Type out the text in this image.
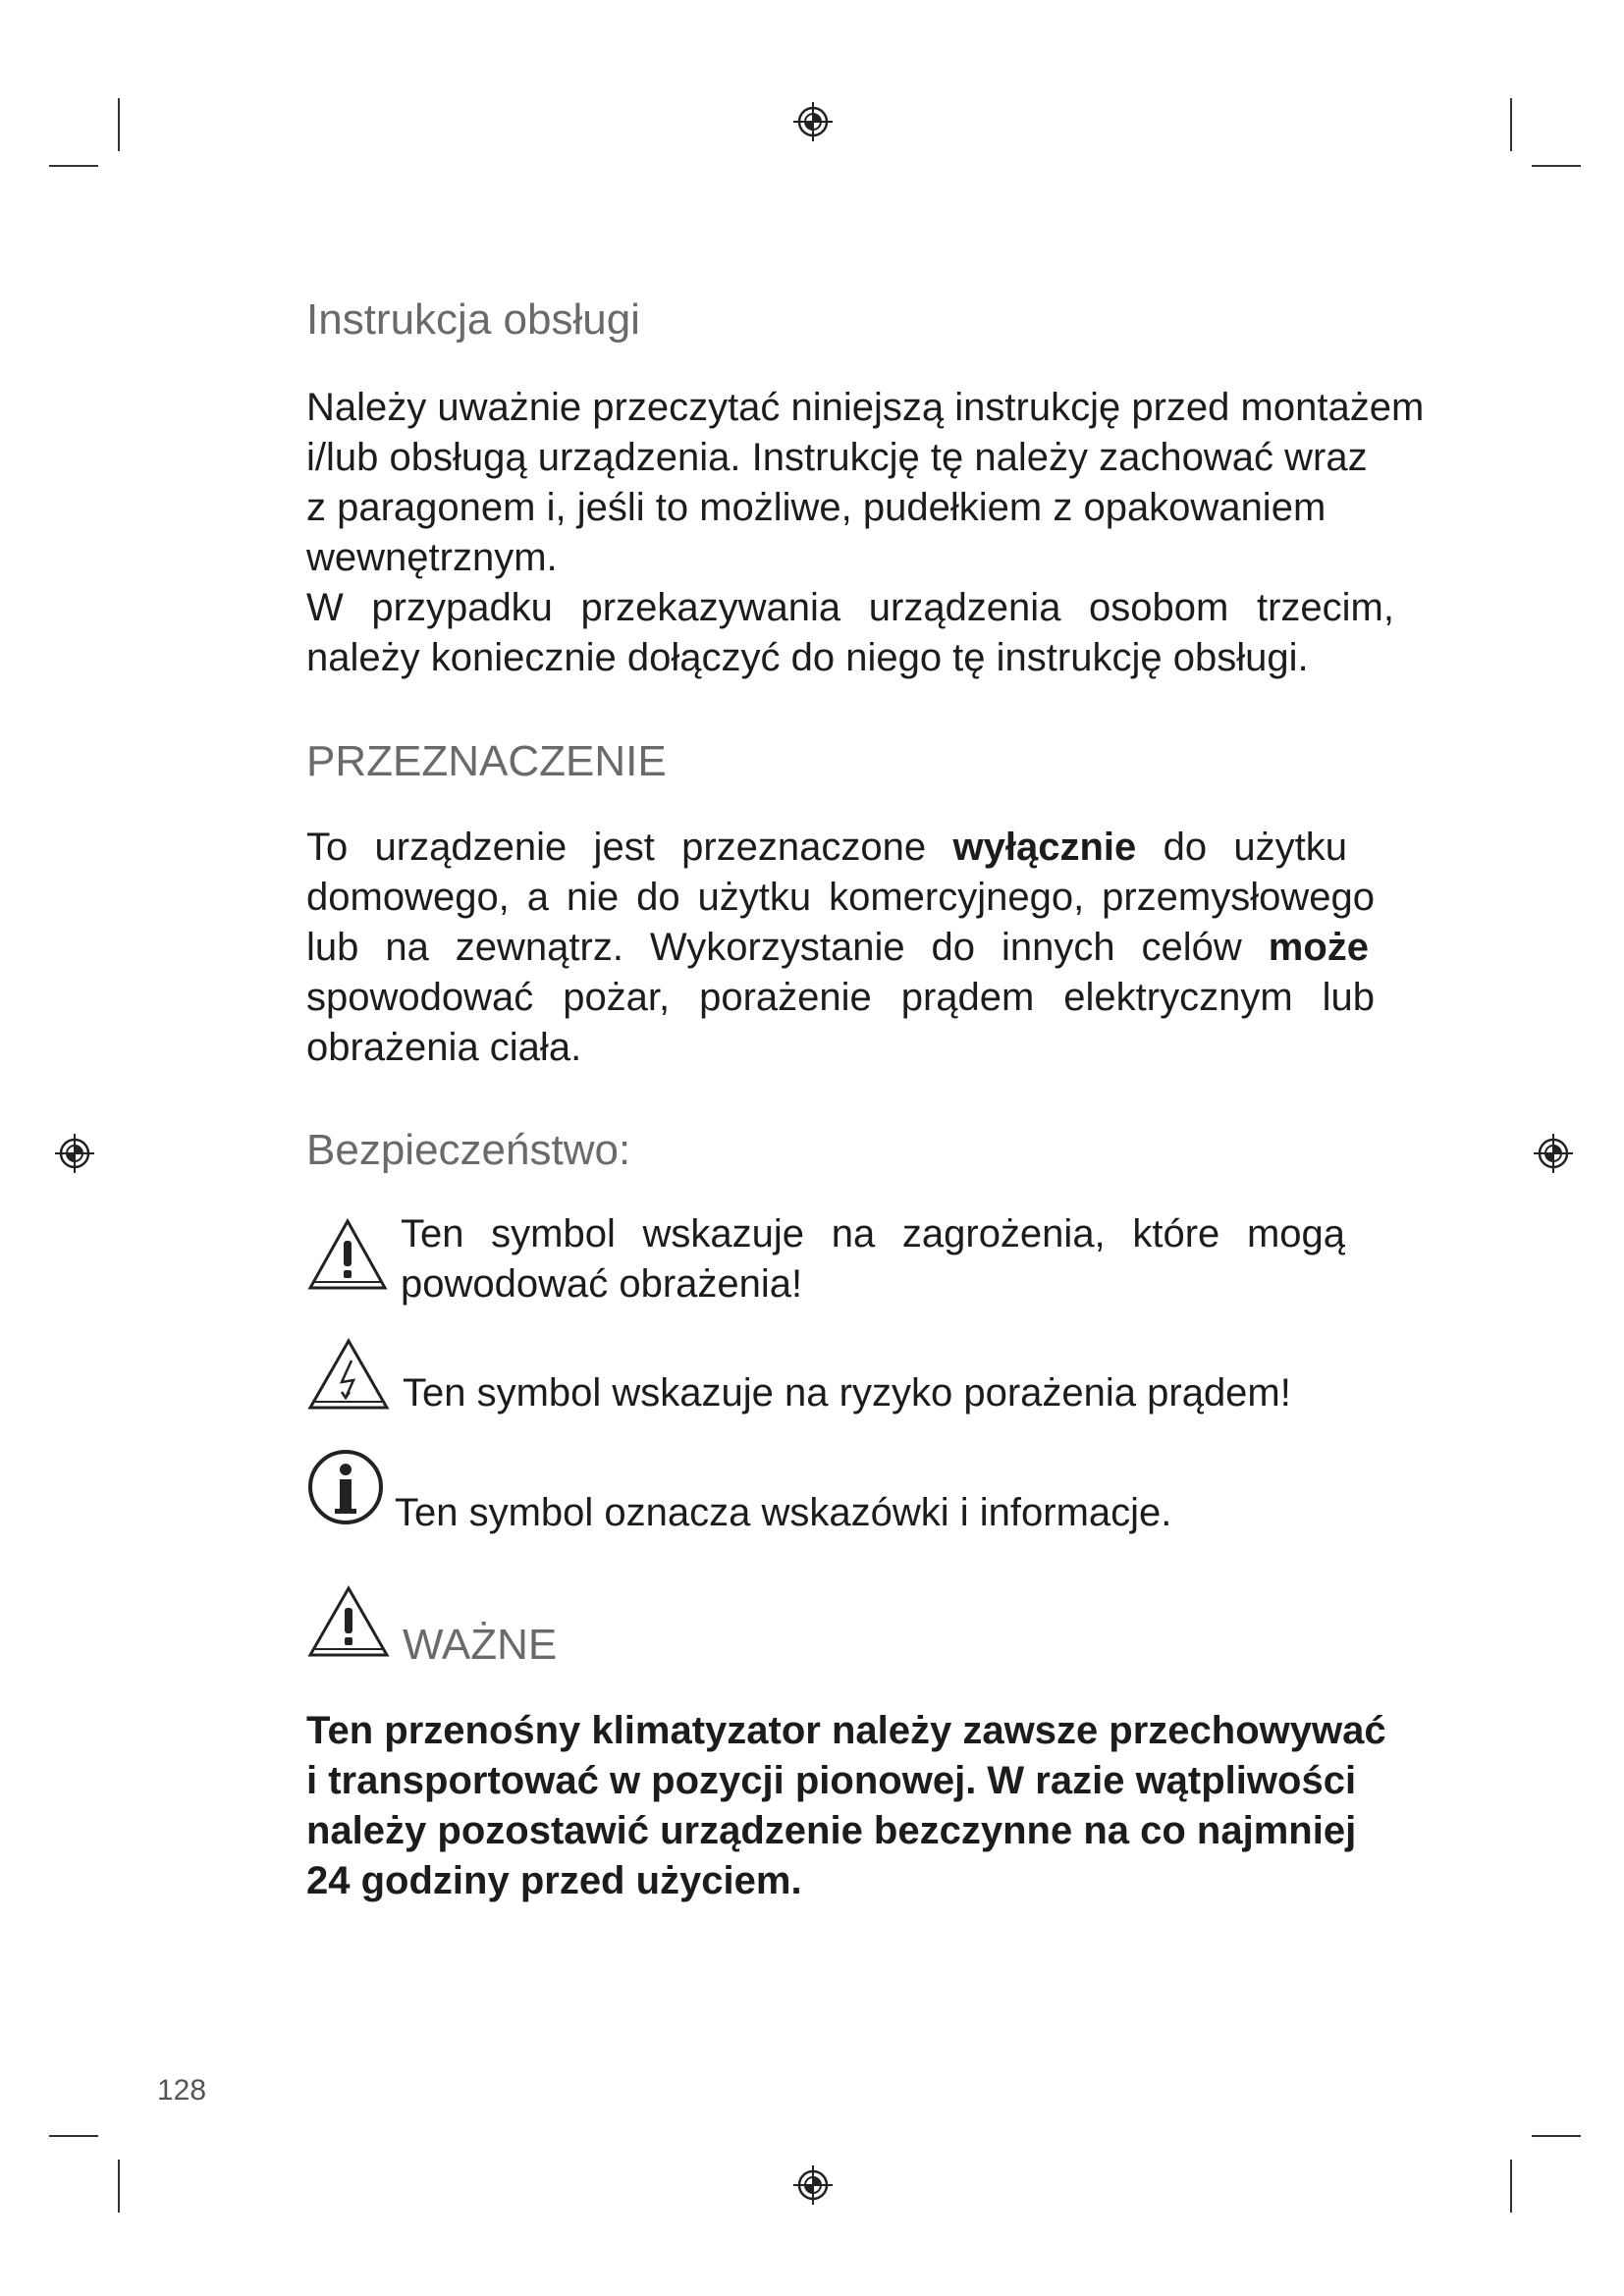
Instrukcja obsługi
Należy uważnie przeczytać niniejszą instrukcję przed montażem
i/lub obsługą urządzenia. Instrukcję tę należy zachować wraz
z paragonem i, jeśli to możliwe, pudełkiem z opakowaniem
wewnętrznym.
W przypadku przekazywania urządzenia osobom trzecim,
należy koniecznie dołączyć do niego tę instrukcję obsługi.
PRZEZNACZENIE
To urządzenie jest przeznaczone wyłącznie do użytku
domowego, a nie do użytku komercyjnego, przemysłowego
lub na zewnątrz. Wykorzystanie do innych celów może
spowodować pożar, porażenie prądem elektrycznym lub
obrażenia ciała.
Bezpieczeństwo:
Ten symbol wskazuje na zagrożenia, które mogą
powodować obrażenia!

Ten symbol wskazuje na ryzyko porażenia prądem!

Ten symbol oznacza wskazówki i informacje.

WAŻNE
Ten przenośny klimatyzator należy zawsze przechowywać
i transportować w pozycji pionowej. W razie wątpliwości
należy pozostawić urządzenie bezczynne na co najmniej
24 godziny przed użyciem.

128
